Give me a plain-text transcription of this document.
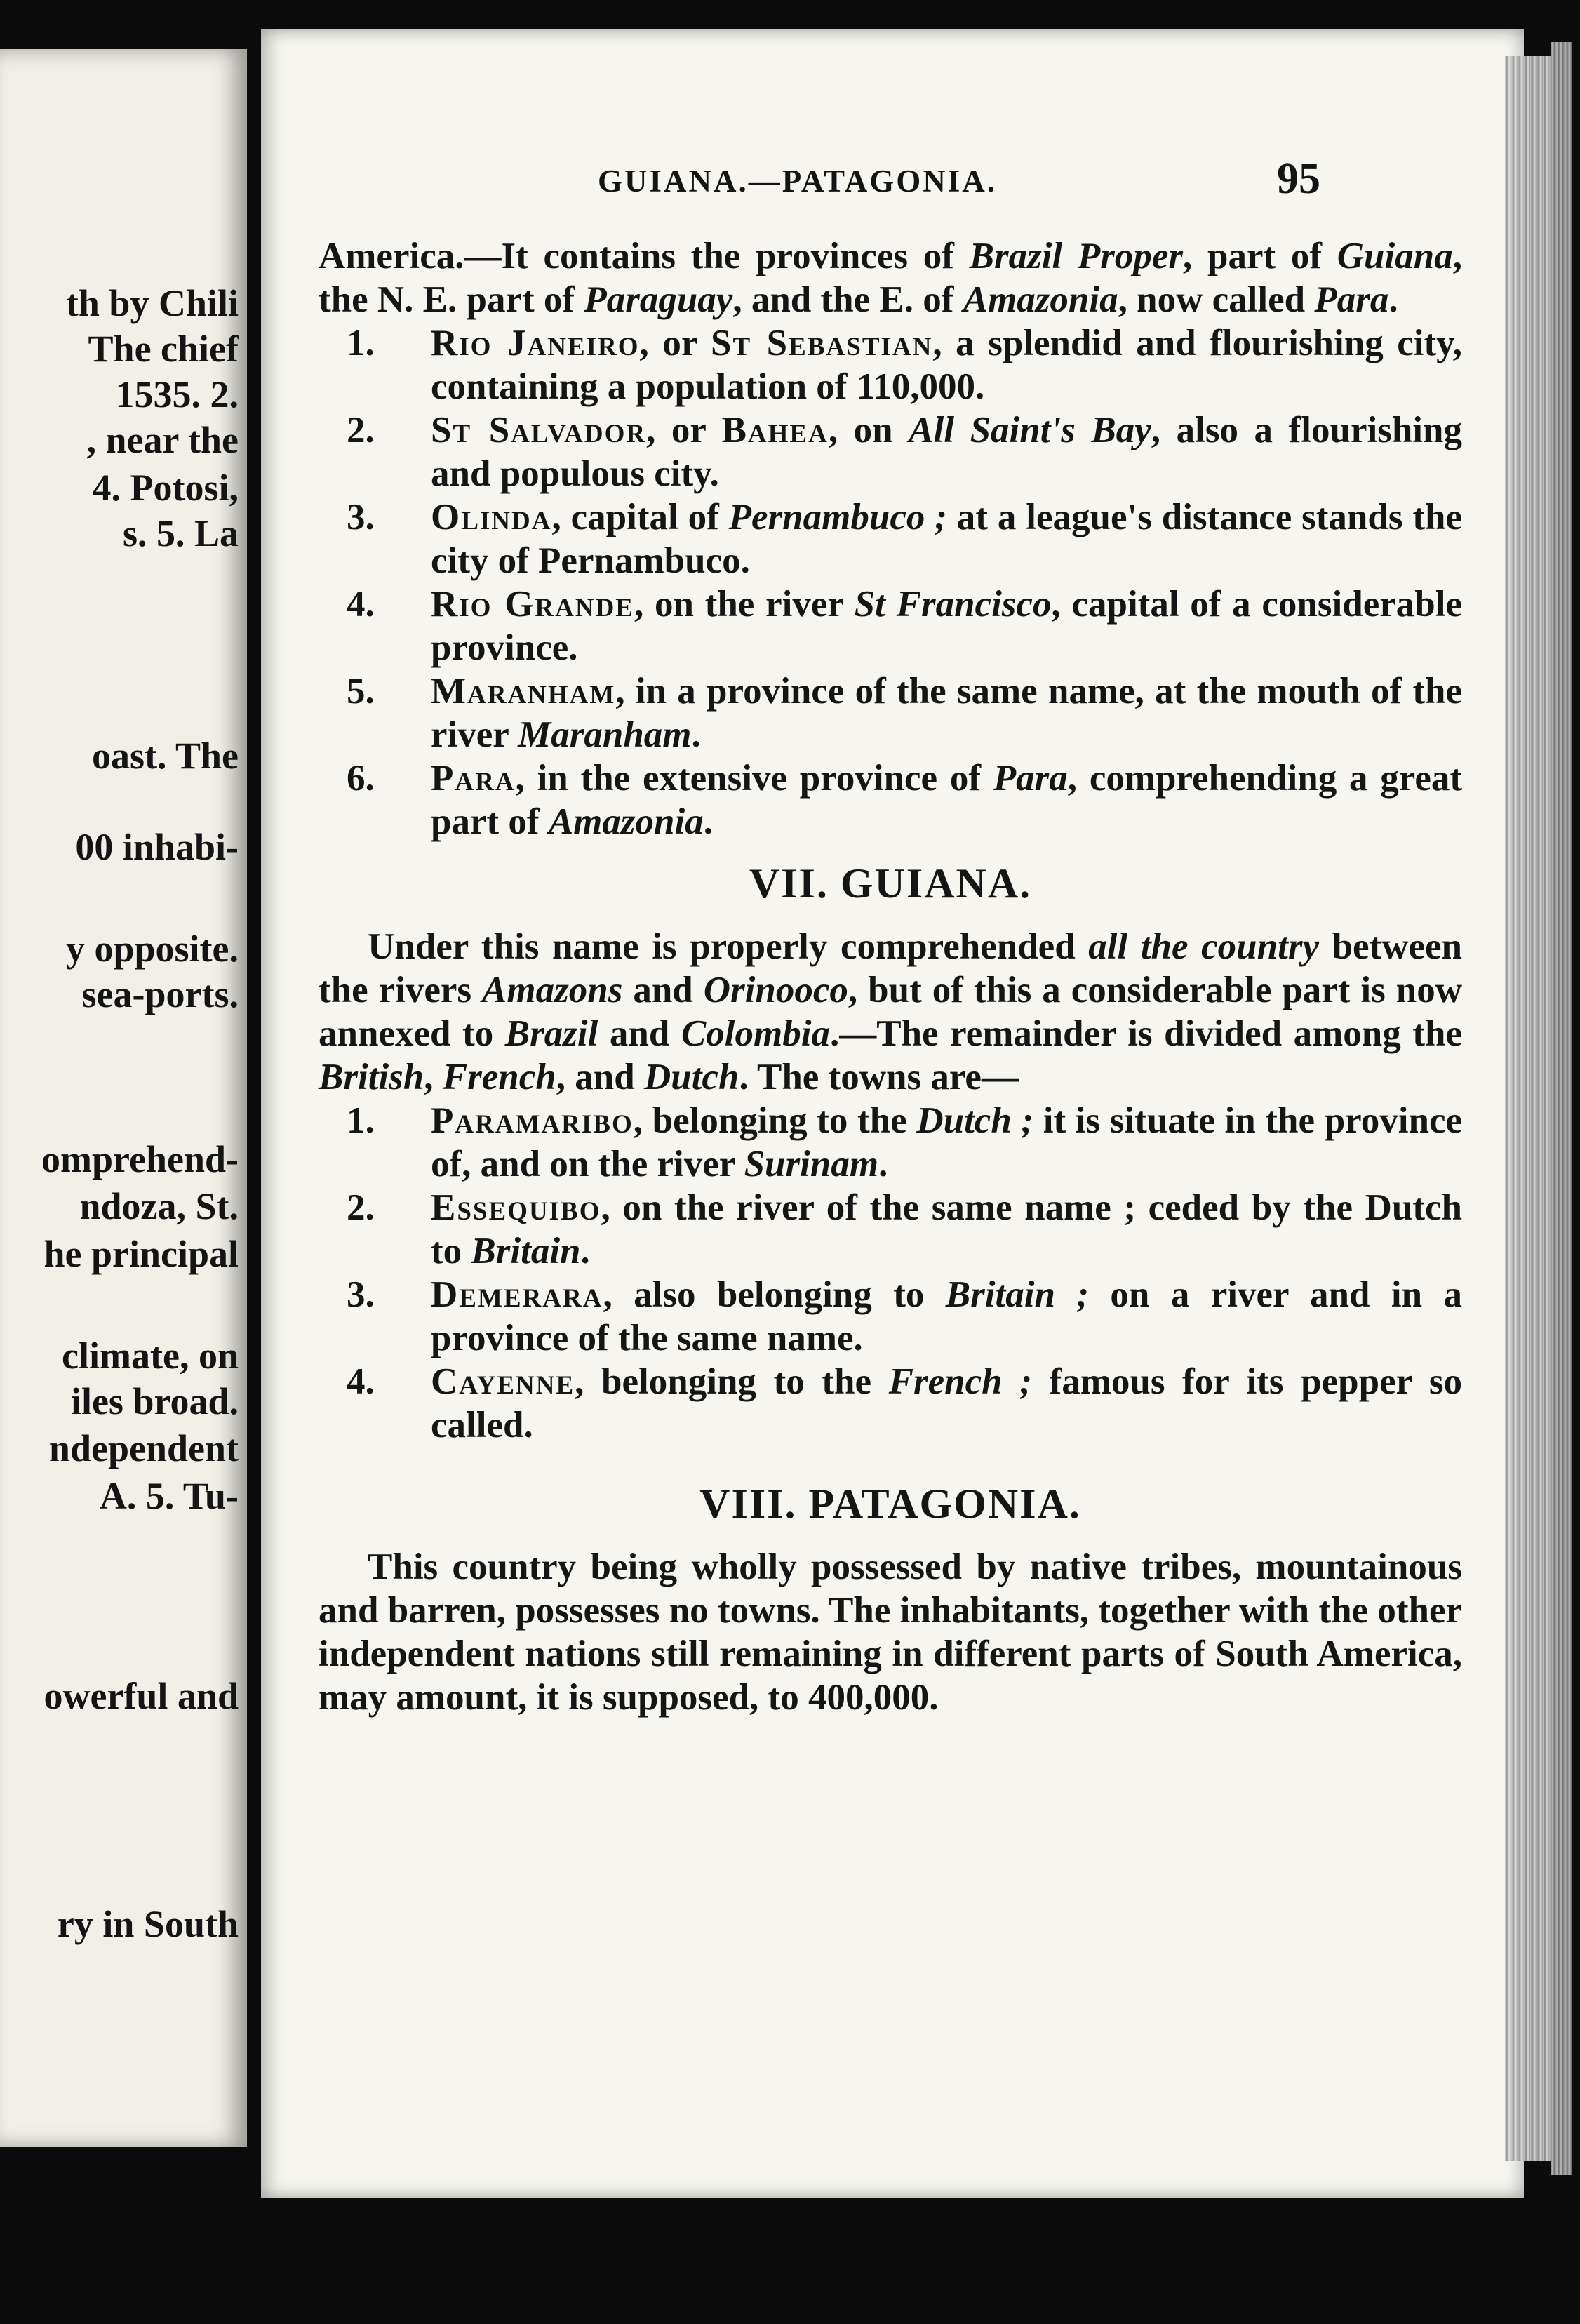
th by Chili
The chief
1535. 2.
, near the
4. Potosi,
s. 5. La
oast. The
00 inhabi-
y opposite.
sea-ports.
omprehend-
ndoza, St.
he principal
climate, on
iles broad.
ndependent
A. 5. Tu-
owerful and
ry in South
GUIANA.—PATAGONIA.	95

America.—It contains the provinces of Brazil Proper, part of Guiana, the N. E. part of Paraguay, and the E. of Amazonia, now called Para.

1. Rio Janeiro, or St Sebastian, a splendid and flourishing city, containing a population of 110,000.
2. St Salvador, or Bahea, on All Saint's Bay, also a flourishing and populous city.
3. Olinda, capital of Pernambuco ; at a league's distance stands the city of Pernambuco.
4. Rio Grande, on the river St Francisco, capital of a considerable province.
5. Maranham, in a province of the same name, at the mouth of the river Maranham.
6. Para, in the extensive province of Para, comprehending a great part of Amazonia.
VII. GUIANA.

Under this name is properly comprehended all the country between the rivers Amazons and Orinooco, but of this a considerable part is now annexed to Brazil and Colombia.—The remainder is divided among the British, French, and Dutch. The towns are—

1. Paramaribo, belonging to the Dutch ; it is situate in the province of, and on the river Surinam.
2. Essequibo, on the river of the same name ; ceded by the Dutch to Britain.
3. Demerara, also belonging to Britain ; on a river and in a province of the same name.
4. Cayenne, belonging to the French ; famous for its pepper so called.
VIII. PATAGONIA.

This country being wholly possessed by native tribes, mountainous and barren, possesses no towns. The inhabitants, together with the other independent nations still remaining in different parts of South America, may amount, it is supposed, to 400,000.
